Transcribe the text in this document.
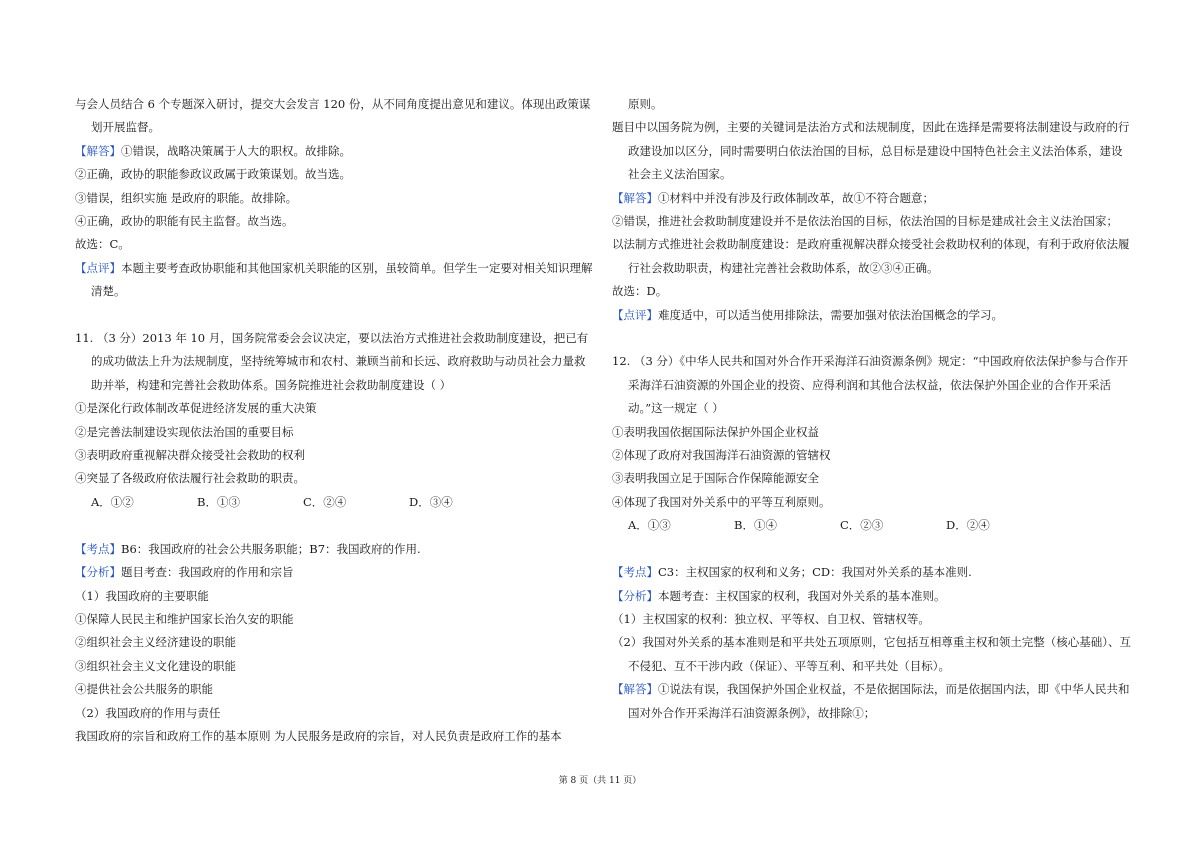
与会人员结合 6 个专题深入研讨，提交大会发言 120 份，从不同角度提出意见和建议。体现出政策谋划开展监督。

【解答】①错误，战略决策属于人大的职权。故排除。

②正确，政协的职能参政议政属于政策谋划。故当选。

③错误，组织实施 是政府的职能。故排除。

④正确，政协的职能有民主监督。故当选。

故选：C。

【点评】本题主要考查政协职能和其他国家机关职能的区别，虽较简单。但学生一定要对相关知识理解清楚。

11. （3 分）2013 年 10 月，国务院常委会会议决定，要以法治方式推进社会救助制度建设，把已有的成功做法上升为法规制度，坚持统筹城市和农村、兼顾当前和长远、政府救助与动员社会力量救助并举，构建和完善社会救助体系。国务院推进社会救助制度建设（ ）

①是深化行政体制改革促进经济发展的重大决策

②是完善法制建设实现依法治国的重要目标

③表明政府重视解决群众接受社会救助的权利

④突显了各级政府依法履行社会救助的职责。

A．①②	B．①③	C．②④	D．③④

【考点】B6：我国政府的社会公共服务职能；B7：我国政府的作用.

【分析】题目考查：我国政府的作用和宗旨

（1）我国政府的主要职能

①保障人民民主和维护国家长治久安的职能

②组织社会主义经济建设的职能

③组织社会主义文化建设的职能

④提供社会公共服务的职能

（2）我国政府的作用与责任

我国政府的宗旨和政府工作的基本原则 为人民服务是政府的宗旨，对人民负责是政府工作的基本

原则。

题目中以国务院为例，主要的关键词是法治方式和法规制度，因此在选择是需要将法制建设与政府的行政建设加以区分，同时需要明白依法治国的目标，总目标是建设中国特色社会主义法治体系，建设社会主义法治国家。

【解答】①材料中并没有涉及行政体制改革，故①不符合题意；

②错误，推进社会救助制度建设并不是依法治国的目标，依法治国的目标是建成社会主义法治国家；

以法制方式推进社会救助制度建设：是政府重视解决群众接受社会救助权利的体现，有利于政府依法履行社会救助职责，构建社完善社会救助体系，故②③④正确。

故选：D。

【点评】难度适中，可以适当使用排除法，需要加强对依法治国概念的学习。

12. （3 分）《中华人民共和国对外合作开采海洋石油资源条例》规定：“中国政府依法保护参与合作开采海洋石油资源的外国企业的投资、应得利润和其他合法权益，依法保护外国企业的合作开采活动。”这一规定（ ）

①表明我国依据国际法保护外国企业权益

②体现了政府对我国海洋石油资源的管辖权

③表明我国立足于国际合作保障能源安全

④体现了我国对外关系中的平等互利原则。

A．①③	B．①④	C．②③	D．②④

【考点】C3：主权国家的权利和义务；CD：我国对外关系的基本准则.

【分析】本题考查：主权国家的权利，我国对外关系的基本准则。

（1）主权国家的权利：独立权、平等权、自卫权、管辖权等。

（2）我国对外关系的基本准则是和平共处五项原则，它包括互相尊重主权和领土完整（核心基础）、互不侵犯、互不干涉内政（保证）、平等互利、和平共处（目标）。

【解答】①说法有误，我国保护外国企业权益，不是依据国际法，而是依据国内法，即《中华人民共和国对外合作开采海洋石油资源条例》，故排除①；

第 8 页（共 11 页）
